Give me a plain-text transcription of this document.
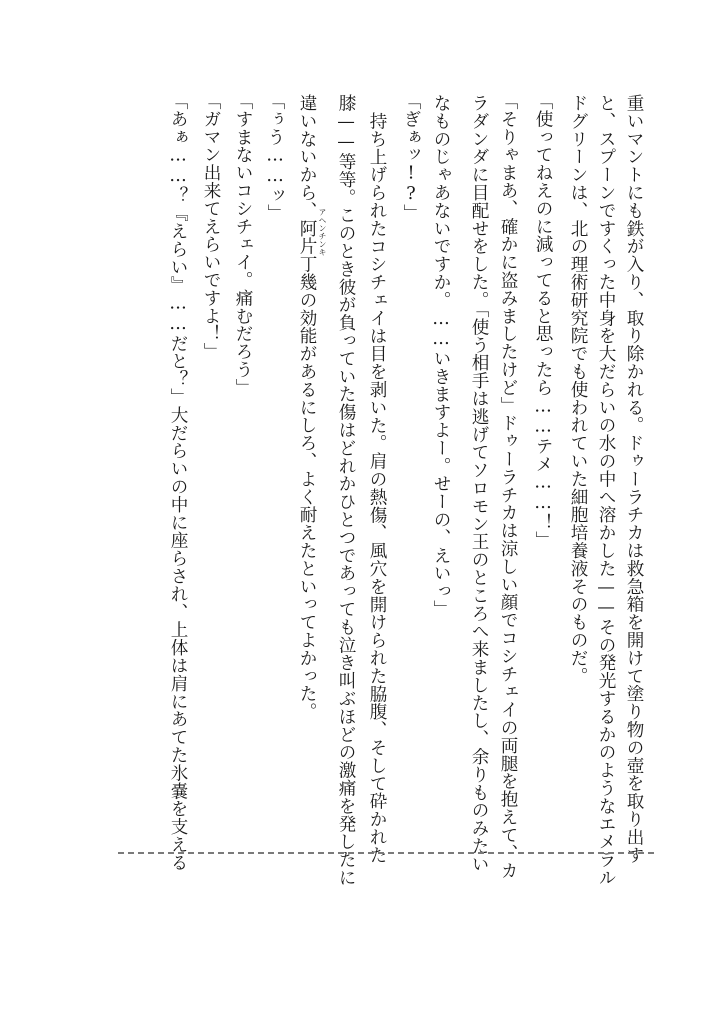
重いマントにも鉄が入り、取り除かれる。ドゥーラチカは救急箱を開けて塗り物の壺を取り出す
と、スプーンですくった中身を大だらいの水の中へ溶かした——その発光するかのようなエメラル
ドグリーンは、北の理術研究院でも使われていた細胞培養液そのものだ。
「使ってねえのに減ってると思ったら……テメ……！」
「そりゃまあ、確かに盗みましたけど」ドゥーラチカは涼しい顔でコシチェイの両腿を抱えて、カ
ラダンダに目配せをした。「使う相手は逃げてソロモン王のところへ来ましたし、余りものみたい
なものじゃあないですか。……いきますよー。せーの、えいっ」
「ぎぁッ!?」
持ち上げられたコシチェイは目を剥いた。肩の熱傷、風穴を開けられた脇腹、そして砕かれた
膝——等等。このとき彼が負っていた傷はどれかひとつであっても泣き叫ぶほどの激痛を発したに
違いないから、阿片丁幾の効能があるにしろ、よく耐えたといってよかった。 アヘンチンキ
「ぅう……ッ」
「すまないコシチェイ。痛むだろう」
「ガマン出来てえらいですよ！」
「あぁ……？『えらい』……だと？」大だらいの中に座らされ、上体は肩にあてた氷嚢を支える
